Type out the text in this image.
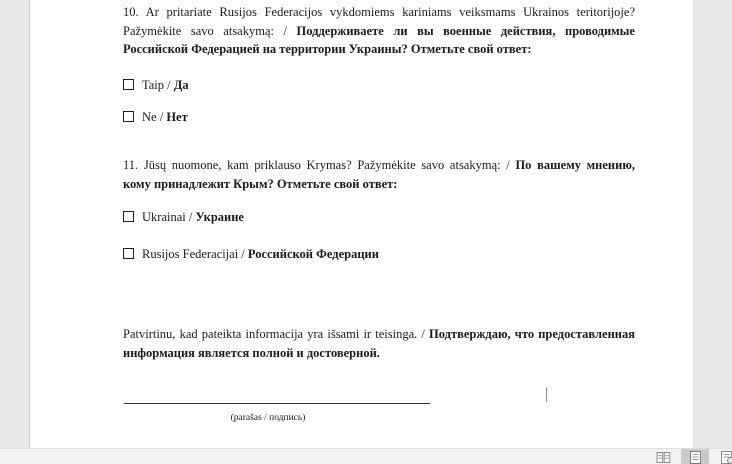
10. Ar pritariate Rusijos Federacijos vykdomiems kariniams veiksmams Ukrainos teritorijoje? Pažymėkite savo atsakymą: / Поддерживаете ли вы военные действия, проводимые Российской Федерацией на территории Украины? Отметьте свой ответ:

Taip / Да
Ne / Нет

11. Jūsų nuomone, kam priklauso Krymas? Pažymėkite savo atsakymą: / По вашему мнению, кому принадлежит Крым? Отметьте свой ответ:

Ukrainai / Украине
Rusijos Federacijai / Российской Федерации

Patvirtinu, kad pateikta informacija yra išsami ir teisinga. / Подтверждаю, что предоставленная информация является полной и достоверной.

(parašas / подпись)
